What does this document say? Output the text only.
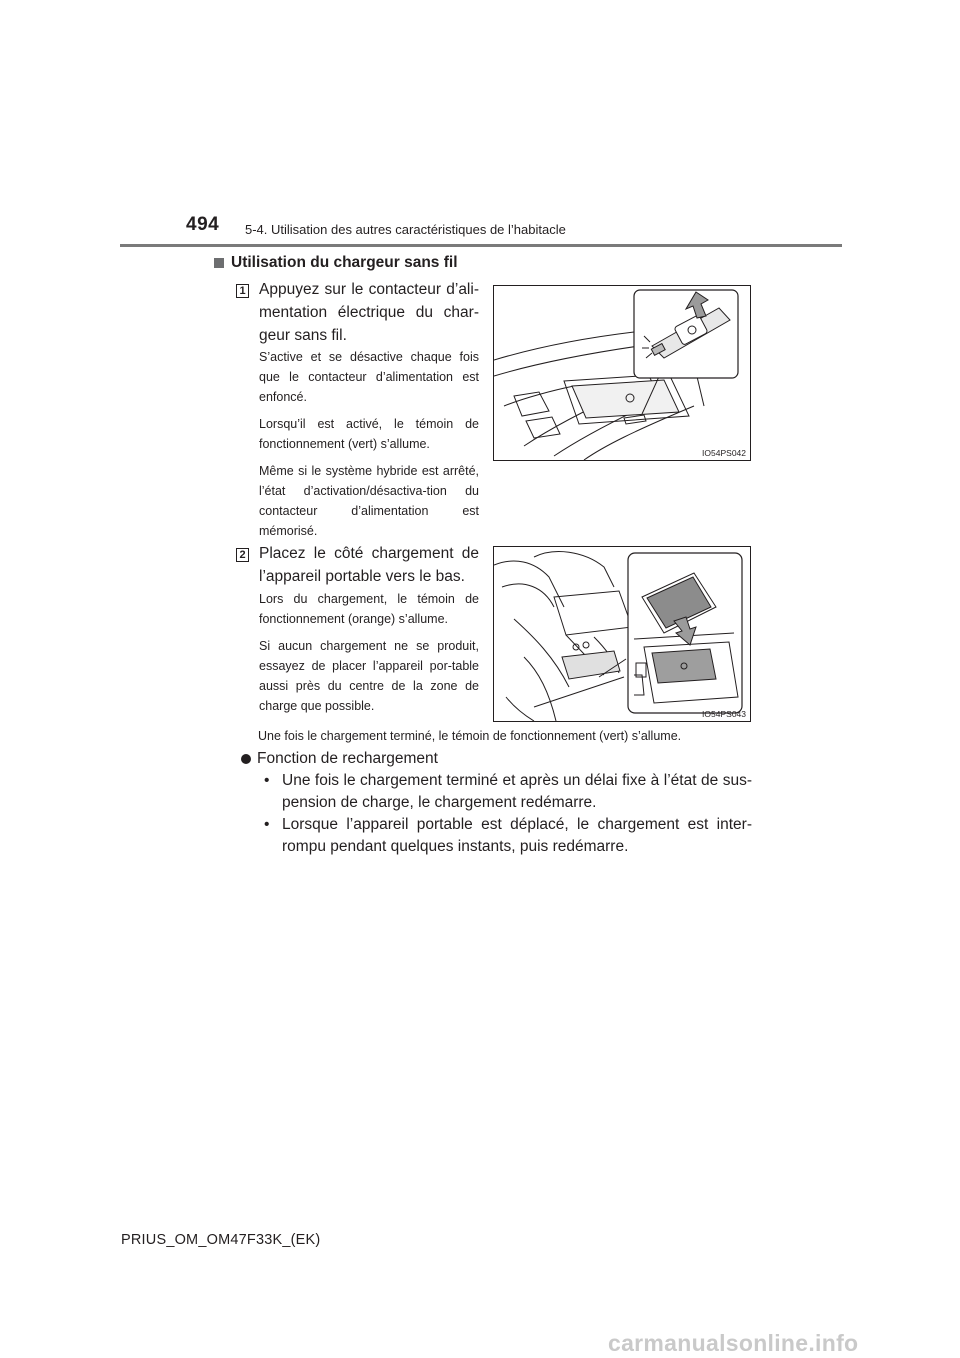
494 5-4. Utilisation des autres caractéristiques de l’habitacle
Utilisation du chargeur sans fil
1 Appuyez sur le contacteur d’ali-mentation électrique du char-geur sans fil.

S’active et se désactive chaque fois que le contacteur d’alimentation est enfoncé.

Lorsqu’il est activé, le témoin de fonctionnement (vert) s’allume.

Même si le système hybride est arrêté, l’état d’activation/désactiva-tion du contacteur d’alimentation est mémorisé.

IO54PS042
2 Placez le côté chargement de l’appareil portable vers le bas.

Lors du chargement, le témoin de fonctionnement (orange) s’allume.

Si aucun chargement ne se produit, essayez de placer l’appareil por-table aussi près du centre de la zone de charge que possible.

IO54PS043
Une fois le chargement terminé, le témoin de fonctionnement (vert) s’allume.
Fonction de rechargement
• Une fois le chargement terminé et après un délai fixe à l’état de sus-pension de charge, le chargement redémarre.
• Lorsque l’appareil portable est déplacé, le chargement est inter-rompu pendant quelques instants, puis redémarre.
PRIUS_OM_OM47F33K_(EK)
carmanualsonline.info
